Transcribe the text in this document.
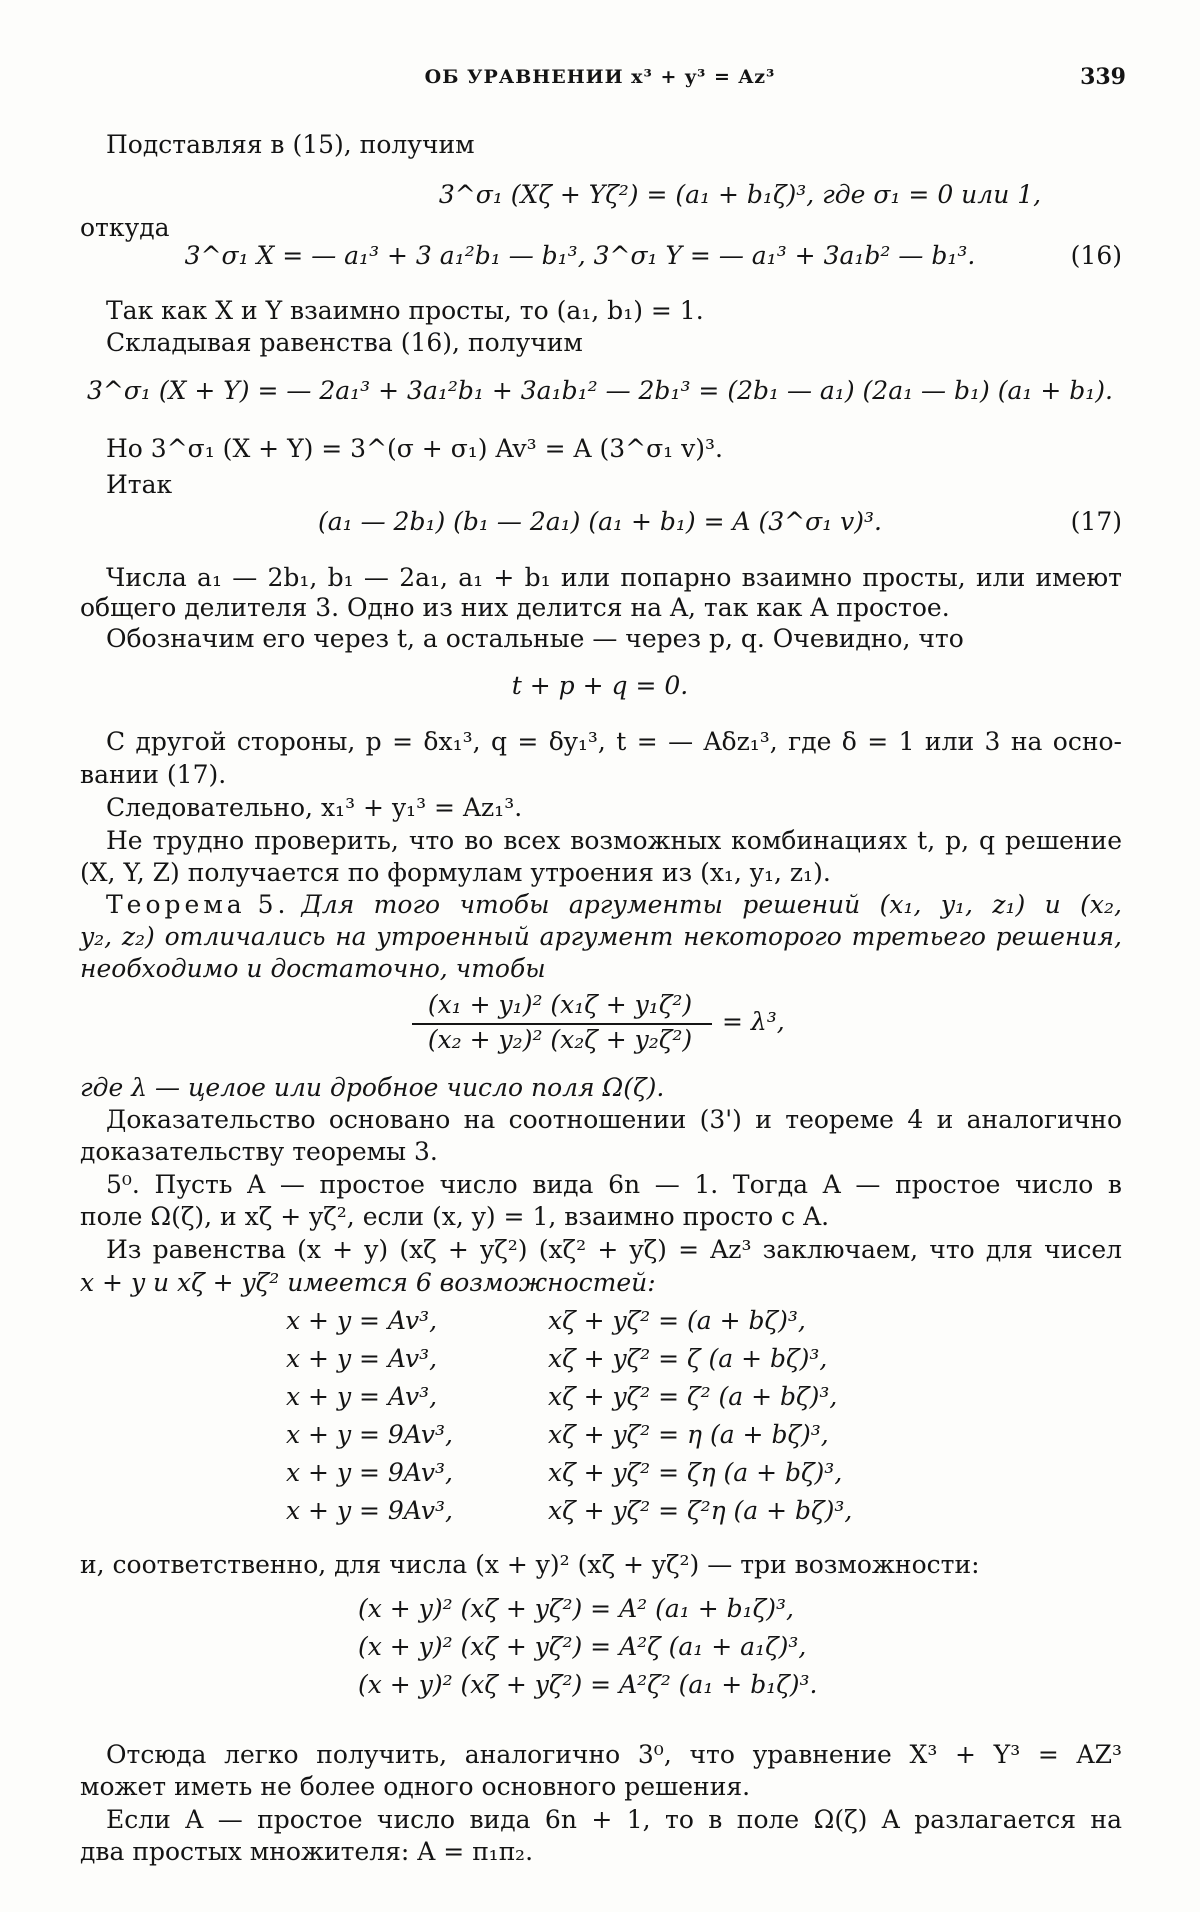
ОБ УРАВНЕНИИ x³ + y³ = Az³	339
Подставляя в (15), получим
3^σ₁ (Xζ + Yζ²) = (a₁ + b₁ζ)³, где σ₁ = 0 или 1,
откуда
3^σ₁ X = — a₁³ + 3 a₁²b₁ — b₁³, 3^σ₁ Y = — a₁³ + 3a₁b² — b₁³.	(16)
Так как X и Y взаимно просты, то (a₁, b₁) = 1.
Складывая равенства (16), получим
3^σ₁ (X + Y) = — 2a₁³ + 3a₁²b₁ + 3a₁b₁² — 2b₁³ = (2b₁ — a₁) (2a₁ — b₁) (a₁ + b₁).
Но 3^σ₁ (X + Y) = 3^(σ + σ₁) Av³ = A (3^σ₁ v)³.
Итак
(a₁ — 2b₁) (b₁ — 2a₁) (a₁ + b₁) = A (3^σ₁ v)³.	(17)
Числа a₁ — 2b₁, b₁ — 2a₁, a₁ + b₁ или попарно взаимно просты, или имеют
общего делителя 3. Одно из них делится на A, так как A простое.
Обозначим его через t, а остальные — через p, q. Очевидно, что
t + p + q = 0.
С другой стороны, p = δx₁³, q = δy₁³, t = — Aδz₁³, где δ = 1 или 3 на осно-
вании (17).
Следовательно, x₁³ + y₁³ = Az₁³.
Не трудно проверить, что во всех возможных комбинациях t, p, q решение
(X, Y, Z) получается по формулам утроения из (x₁, y₁, z₁).
Теорема 5. Для того чтобы аргументы решений (x₁, y₁, z₁) и (x₂,
y₂, z₂) отличались на утроенный аргумент некоторого третьего решения,
необходимо и достаточно, чтобы
(x₁ + y₁)² (x₁ζ + y₁ζ²)
(x₂ + y₂)² (x₂ζ + y₂ζ²)
= λ³,
где λ — целое или дробное число поля Ω(ζ).
Доказательство основано на соотношении (3') и теореме 4 и аналогично
доказательству теоремы 3.
5⁰. Пусть A — простое число вида 6n — 1. Тогда A — простое число в
поле Ω(ζ), и xζ + yζ², если (x, y) = 1, взаимно просто с A.
Из равенства (x + y) (xζ + yζ²) (xζ² + yζ) = Az³ заключаем, что для чисел
x + y и xζ + yζ² имеется 6 возможностей:
x + y = Av³,	xζ + yζ² = (a + bζ)³,
x + y = Av³,	xζ + yζ² = ζ (a + bζ)³,
x + y = Av³,	xζ + yζ² = ζ² (a + bζ)³,
x + y = 9Av³,	xζ + yζ² = η (a + bζ)³,
x + y = 9Av³,	xζ + yζ² = ζη (a + bζ)³,
x + y = 9Av³,	xζ + yζ² = ζ²η (a + bζ)³,
и, соответственно, для числа (x + y)² (xζ + yζ²) — три возможности:
(x + y)² (xζ + yζ²) = A² (a₁ + b₁ζ)³,
(x + y)² (xζ + yζ²) = A²ζ (a₁ + a₁ζ)³,
(x + y)² (xζ + yζ²) = A²ζ² (a₁ + b₁ζ)³.
Отсюда легко получить, аналогично 3⁰, что уравнение X³ + Y³ = AZ³
может иметь не более одного основного решения.
Если A — простое число вида 6n + 1, то в поле Ω(ζ) A разлагается на
два простых множителя: A = π₁π₂.
